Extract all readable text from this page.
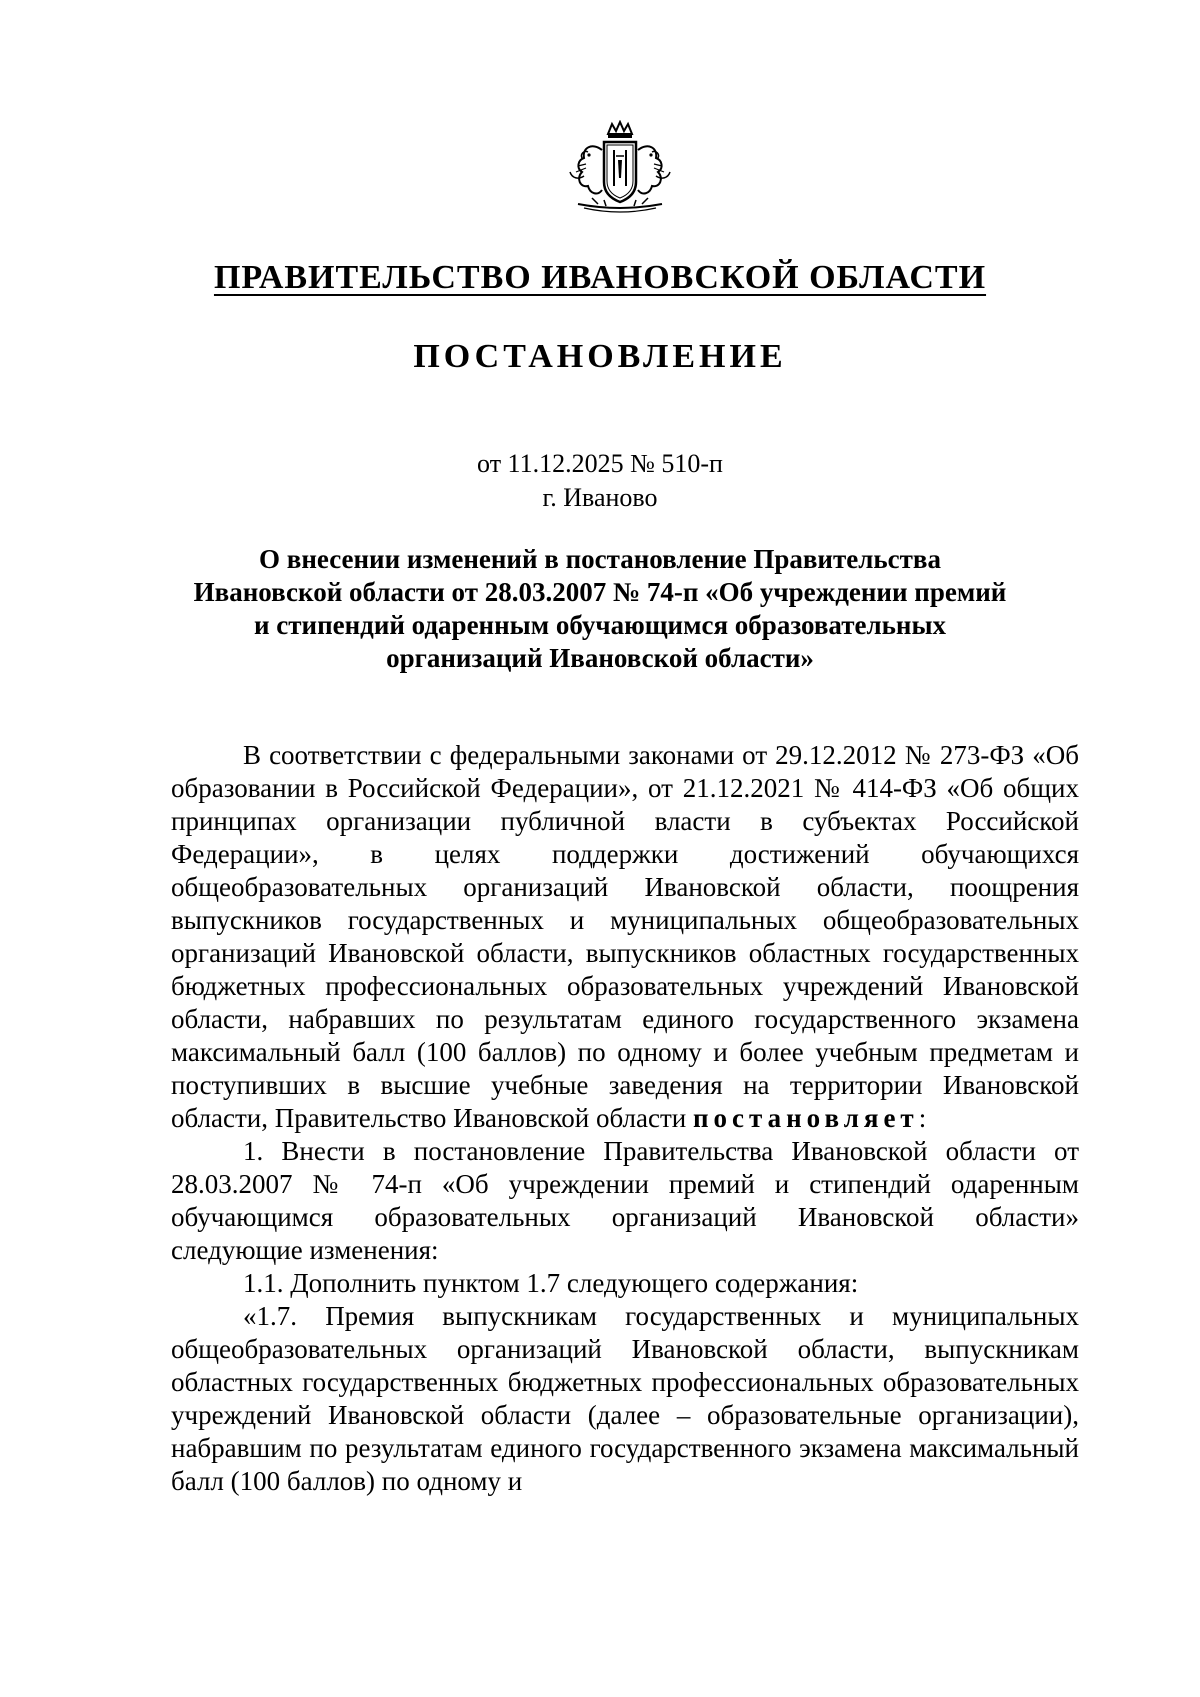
ПРАВИТЕЛЬСТВО ИВАНОВСКОЙ ОБЛАСТИ
ПОСТАНОВЛЕНИЕ
от 11.12.2025 № 510-п
г. Иваново
О внесении изменений в постановление Правительства
Ивановской области от 28.03.2007 № 74-п «Об учреждении премий
и стипендий одаренным обучающимся образовательных
организаций Ивановской области»

В соответствии с федеральными законами от 29.12.2012 № 273-ФЗ «Об образовании в Российской Федерации», от 21.12.2021 № 414-ФЗ «Об общих принципах организации публичной власти в субъектах Российской Федерации», в целях поддержки достижений обучающихся общеобразовательных организаций Ивановской области, поощрения выпускников государственных и муниципальных общеобразовательных организаций Ивановской области, выпускников областных государственных бюджетных профессиональных образовательных учреждений Ивановской области, набравших по результатам единого государственного экзамена максимальный балл (100 баллов) по одному и более учебным предметам и поступивших в высшие учебные заведения на территории Ивановской области, Правительство Ивановской области постановляет:

1. Внести в постановление Правительства Ивановской области от 28.03.2007 № 74-п «Об учреждении премий и стипендий одаренным обучающимся образовательных организаций Ивановской области» следующие изменения:

1.1. Дополнить пунктом 1.7 следующего содержания:

«1.7. Премия выпускникам государственных и муниципальных общеобразовательных организаций Ивановской области, выпускникам областных государственных бюджетных профессиональных образовательных учреждений Ивановской области (далее – образовательные организации), набравшим по результатам единого государственного экзамена максимальный балл (100 баллов) по одному и
